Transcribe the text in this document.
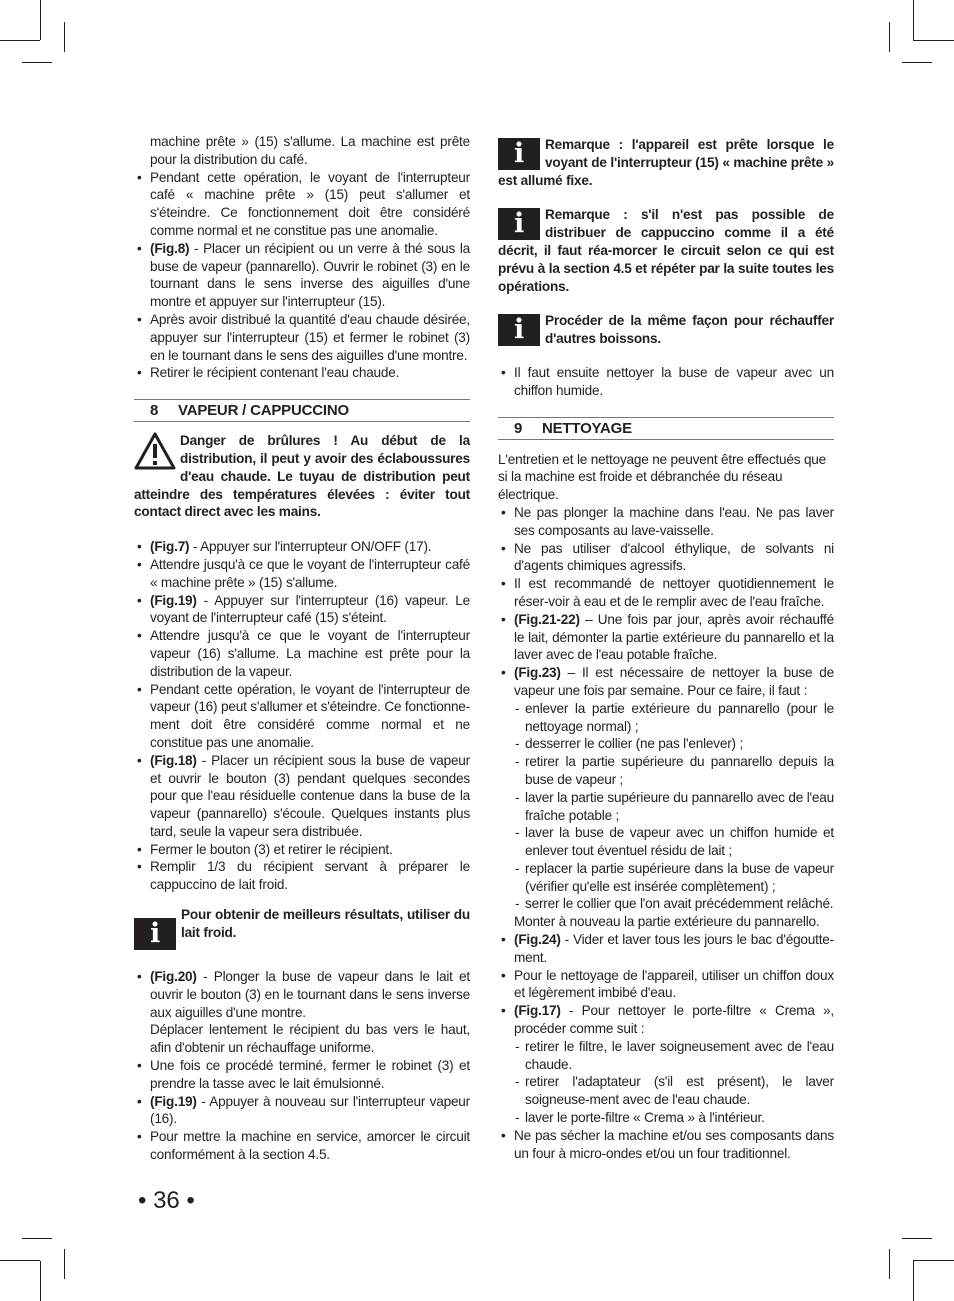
machine prête » (15) s'allume. La machine est prête pour la distribution du café.
• Pendant cette opération, le voyant de l'interrupteur café « machine prête » (15) peut s'allumer et s'éteindre. Ce fonctionnement doit être considéré comme normal et ne constitue pas une anomalie.
• (Fig.8) - Placer un récipient ou un verre à thé sous la buse de vapeur (pannarello). Ouvrir le robinet (3) en le tournant dans le sens inverse des aiguilles d'une montre et appuyer sur l'interrupteur (15).
• Après avoir distribué la quantité d'eau chaude désirée, appuyer sur l'interrupteur (15) et fermer le robinet (3) en le tournant dans le sens des aiguilles d'une montre.
• Retirer le récipient contenant l'eau chaude.
8 VAPEUR / CAPPUCCINO
Danger de brûlures ! Au début de la distribution, il peut y avoir des éclaboussures d'eau chaude. Le tuyau de distribution peut atteindre des températures élevées : éviter tout contact direct avec les mains.
• (Fig.7) - Appuyer sur l'interrupteur ON/OFF (17).
• Attendre jusqu'à ce que le voyant de l'interrupteur café « machine prête » (15) s'allume.
• (Fig.19) - Appuyer sur l'interrupteur (16) vapeur. Le voyant de l'interrupteur café (15) s'éteint.
• Attendre jusqu'à ce que le voyant de l'interrupteur vapeur (16) s'allume. La machine est prête pour la distribution de la vapeur.
• Pendant cette opération, le voyant de l'interrupteur de vapeur (16) peut s'allumer et s'éteindre. Ce fonctionne-ment doit être considéré comme normal et ne constitue pas une anomalie.
• (Fig.18) - Placer un récipient sous la buse de vapeur et ouvrir le bouton (3) pendant quelques secondes pour que l'eau résiduelle contenue dans la buse de la vapeur (pannarello) s'écoule. Quelques instants plus tard, seule la vapeur sera distribuée.
• Fermer le bouton (3) et retirer le récipient.
• Remplir 1/3 du récipient servant à préparer le cappuccino de lait froid.
i
Pour obtenir de meilleurs résultats, utiliser du lait froid.
• (Fig.20) - Plonger la buse de vapeur dans le lait et ouvrir le bouton (3) en le tournant dans le sens inverse aux aiguilles d'une montre.
Déplacer lentement le récipient du bas vers le haut, afin d'obtenir un réchauffage uniforme.
• Une fois ce procédé terminé, fermer le robinet (3) et prendre la tasse avec le lait émulsionné.
• (Fig.19) - Appuyer à nouveau sur l'interrupteur vapeur (16).
• Pour mettre la machine en service, amorcer le circuit conformément à la section 4.5.
i	Remarque : l'appareil est prête lorsque le voyant de l'interrupteur (15) « machine prête » est allumé fixe.
i	Remarque : s'il n'est pas possible de distribuer de cappuccino comme il a été décrit, il faut réa-morcer le circuit selon ce qui est prévu à la section 4.5 et répéter par la suite toutes les opérations.
i	Procéder de la même façon pour réchauffer d'autres boissons.
• Il faut ensuite nettoyer la buse de vapeur avec un chiffon humide.
9 NETTOYAGE
L'entretien et le nettoyage ne peuvent être effectués que si la machine est froide et débranchée du réseau électrique.
• Ne pas plonger la machine dans l'eau. Ne pas laver ses composants au lave-vaisselle.
• Ne pas utiliser d'alcool éthylique, de solvants ni d'agents chimiques agressifs.
• Il est recommandé de nettoyer quotidiennement le réser-voir à eau et de le remplir avec de l'eau fraîche.
• (Fig.21-22) – Une fois par jour, après avoir réchauffé le lait, démonter la partie extérieure du pannarello et la laver avec de l'eau potable fraîche.
• (Fig.23) – Il est nécessaire de nettoyer la buse de vapeur une fois par semaine. Pour ce faire, il faut :
- enlever la partie extérieure du pannarello (pour le nettoyage normal) ;
- desserrer le collier (ne pas l'enlever) ;
- retirer la partie supérieure du pannarello depuis la buse de vapeur ;
- laver la partie supérieure du pannarello avec de l'eau fraîche potable ;
- laver la buse de vapeur avec un chiffon humide et enlever tout éventuel résidu de lait ;
- replacer la partie supérieure dans la buse de vapeur (vérifier qu'elle est insérée complètement) ;
- serrer le collier que l'on avait précédemment relâché.
Monter à nouveau la partie extérieure du pannarello.
• (Fig.24) - Vider et laver tous les jours le bac d'égoutte-ment.
• Pour le nettoyage de l'appareil, utiliser un chiffon doux et légèrement imbibé d'eau.
• (Fig.17) - Pour nettoyer le porte-filtre « Crema », procéder comme suit :
- retirer le filtre, le laver soigneusement avec de l'eau chaude.
- retirer l'adaptateur (s'il est présent), le laver soigneuse-ment avec de l'eau chaude.
- laver le porte-filtre « Crema » à l'intérieur.
• Ne pas sécher la machine et/ou ses composants dans un four à micro-ondes et/ou un four traditionnel.
• 36 •
